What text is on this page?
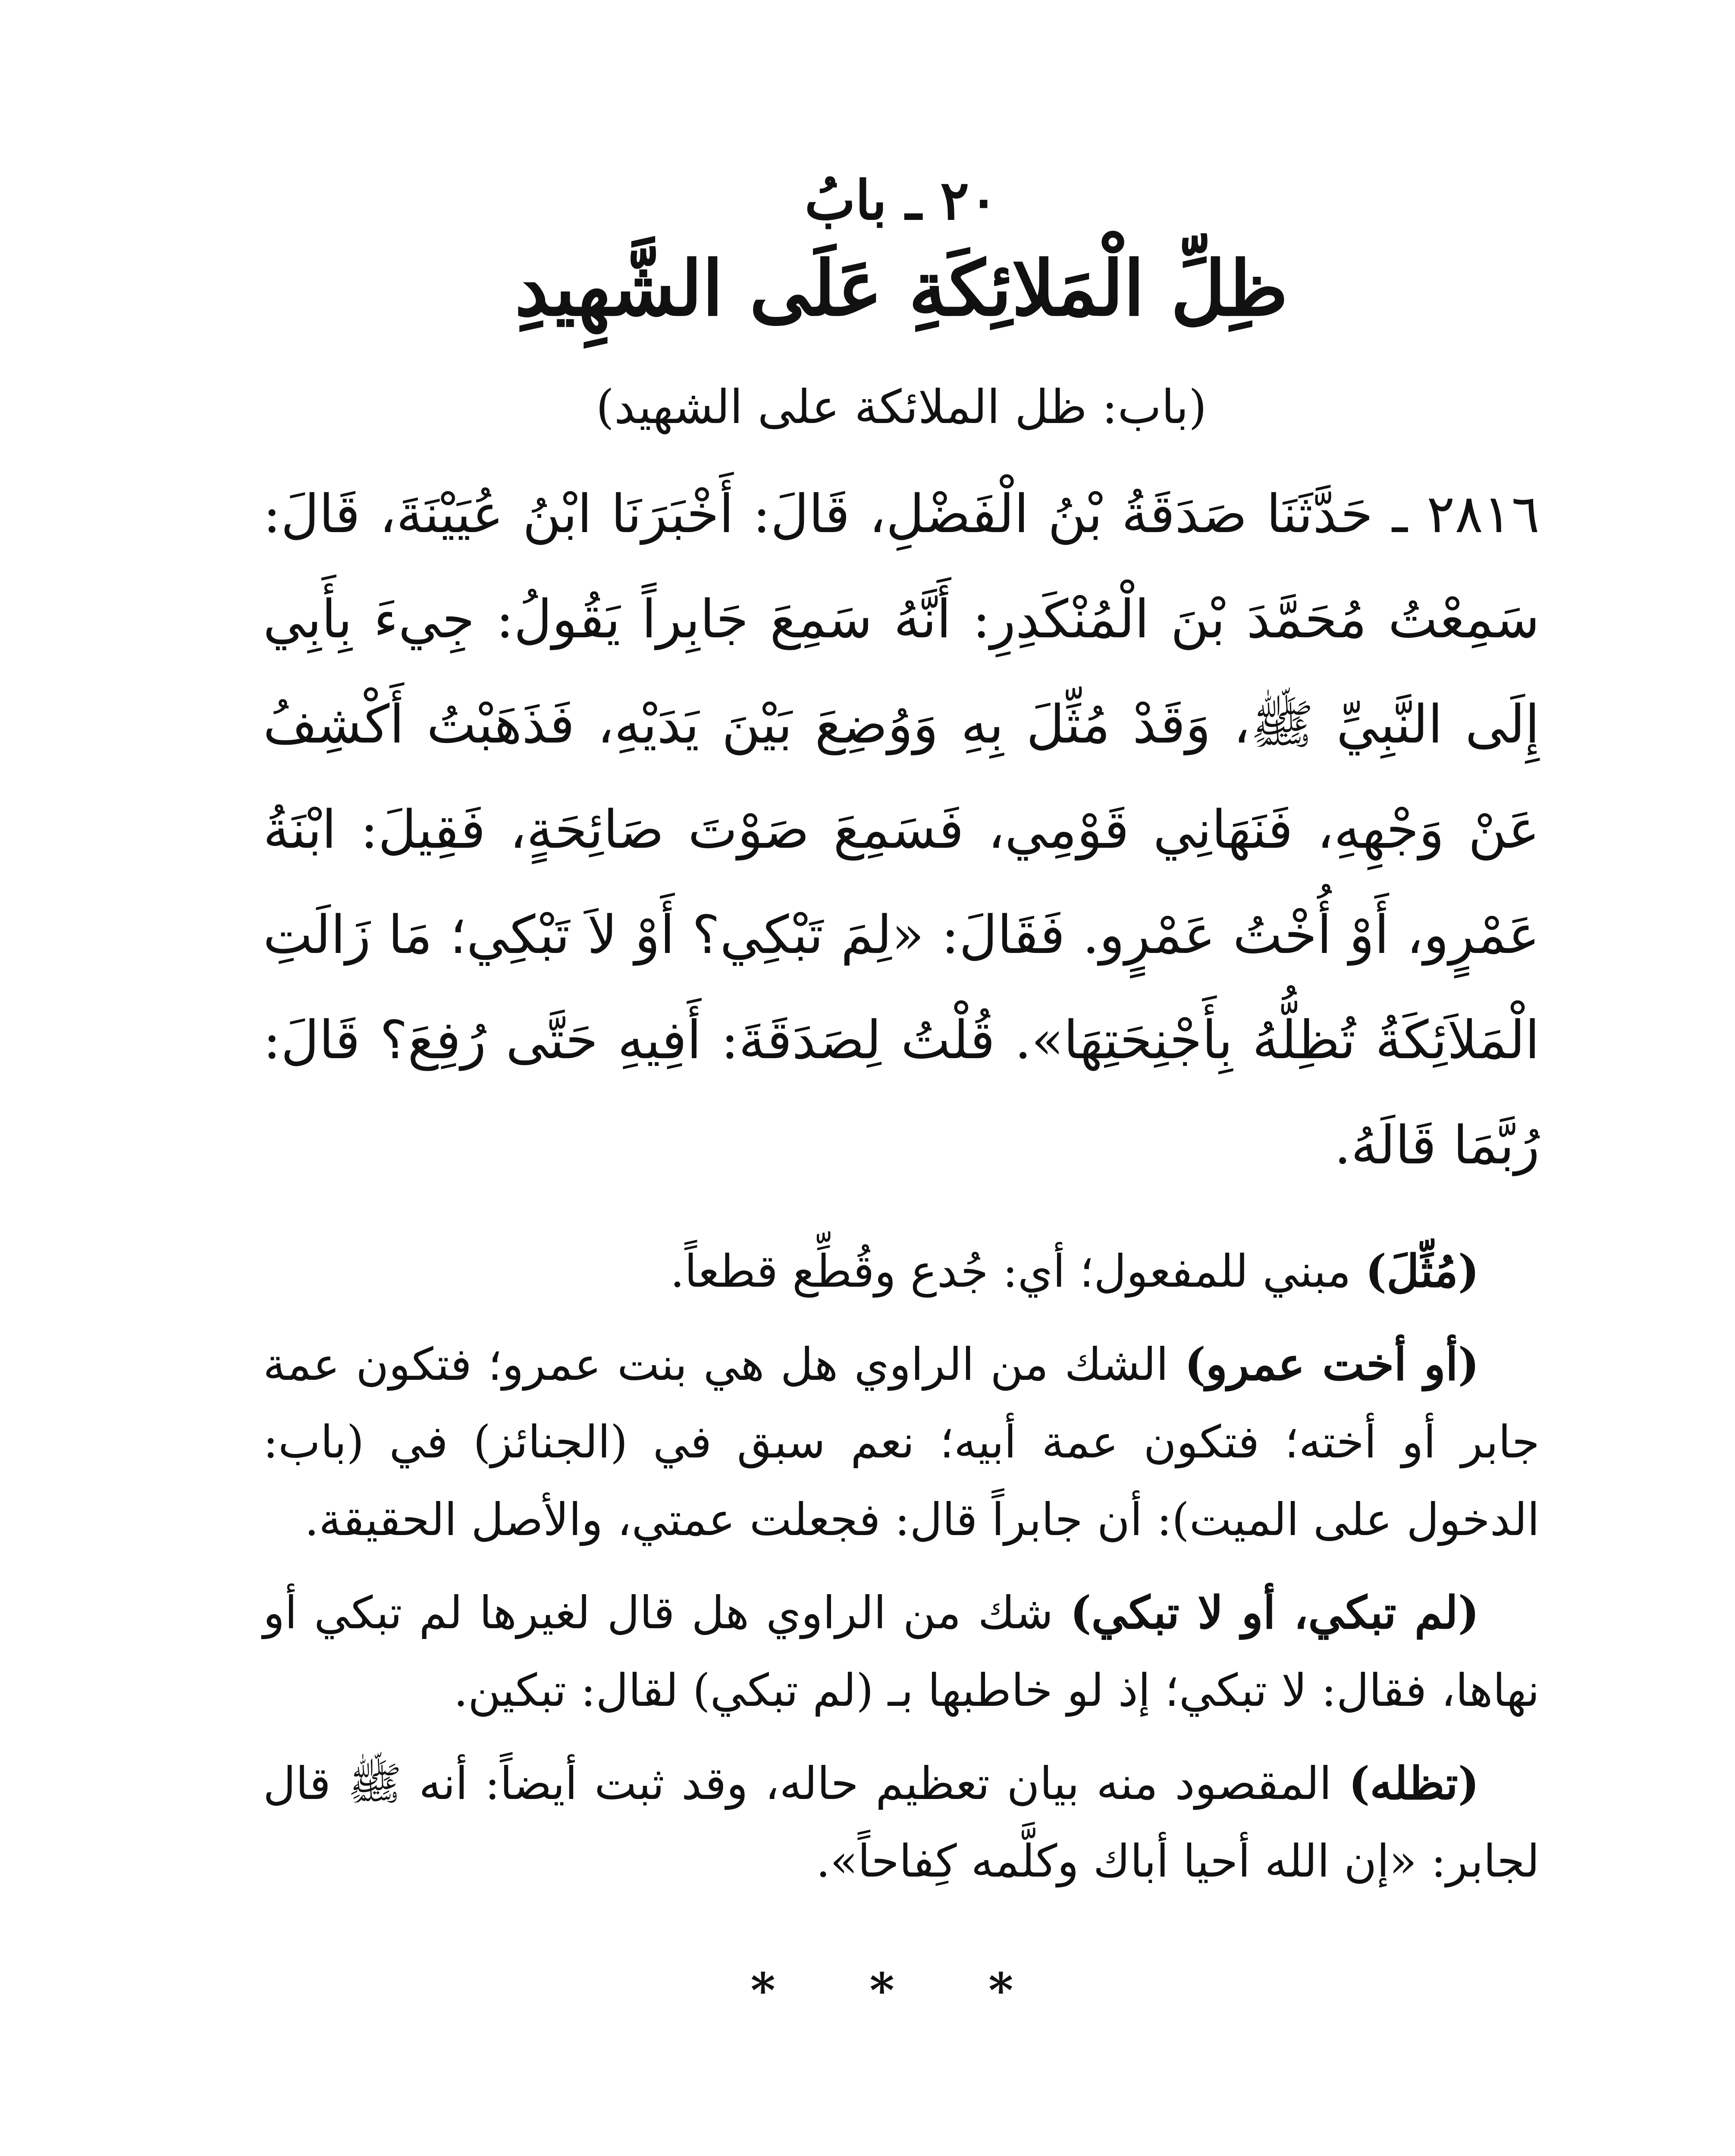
٢٠ ـ بابُ
ظِلِّ الْمَلائِكَةِ عَلَى الشَّهِيدِ

(باب: ظل الملائكة على الشهيد)

٢٨١٦ ـ حَدَّثَنَا صَدَقَةُ بْنُ الْفَضْلِ، قَالَ: أَخْبَرَنَا ابْنُ عُيَيْنَةَ، قَالَ: سَمِعْتُ مُحَمَّدَ بْنَ الْمُنْكَدِرِ: أَنَّهُ سَمِعَ جَابِراً يَقُولُ: جِيءَ بِأَبِي إِلَى النَّبِيِّ ﷺ، وَقَدْ مُثِّلَ بِهِ وَوُضِعَ بَيْنَ يَدَيْهِ، فَذَهَبْتُ أَكْشِفُ عَنْ وَجْهِهِ، فَنَهَانِي قَوْمِي، فَسَمِعَ صَوْتَ صَائِحَةٍ، فَقِيلَ: ابْنَةُ عَمْرٍو، أَوْ أُخْتُ عَمْرٍو. فَقَالَ: «لِمَ تَبْكِي؟ أَوْ لاَ تَبْكِي؛ مَا زَالَتِ الْمَلاَئِكَةُ تُظِلُّهُ بِأَجْنِحَتِهَا». قُلْتُ لِصَدَقَةَ: أَفِيهِ حَتَّى رُفِعَ؟ قَالَ: رُبَّمَا قَالَهُ.

(مُثِّلَ) مبني للمفعول؛ أي: جُدع وقُطِّع قطعاً.

(أو أخت عمرو) الشك من الراوي هل هي بنت عمرو؛ فتكون عمة جابر أو أخته؛ فتكون عمة أبيه؛ نعم سبق في (الجنائز) في (باب: الدخول على الميت): أن جابراً قال: فجعلت عمتي، والأصل الحقيقة.

(لم تبكي، أو لا تبكي) شك من الراوي هل قال لغيرها لم تبكي أو نهاها، فقال: لا تبكي؛ إذ لو خاطبها بـ (لم تبكي) لقال: تبكين.

(تظله) المقصود منه بيان تعظيم حاله، وقد ثبت أيضاً: أنه ﷺ قال لجابر: «إن الله أحيا أباك وكلَّمه كِفاحاً».

* * *
